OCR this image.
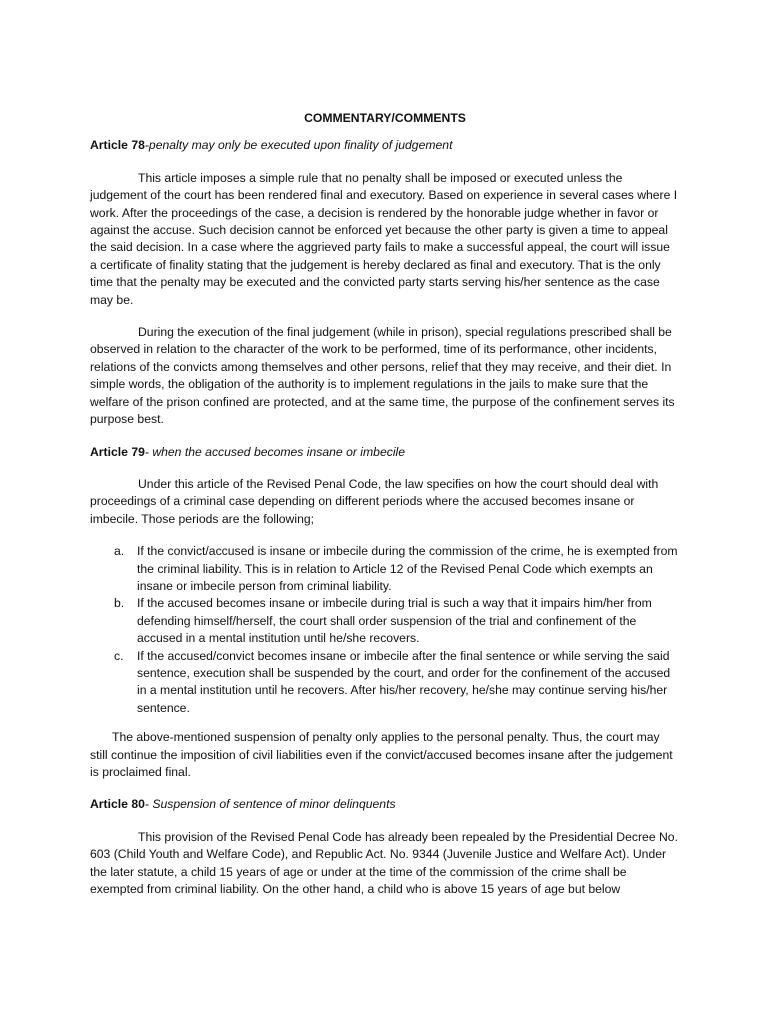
COMMENTARY/COMMENTS
Article 78-penalty may only be executed upon finality of judgement

This article imposes a simple rule that no penalty shall be imposed or executed unless the judgement of the court has been rendered final and executory. Based on experience in several cases where I work. After the proceedings of the case, a decision is rendered by the honorable judge whether in favor or against the accuse. Such decision cannot be enforced yet because the other party is given a time to appeal the said decision. In a case where the aggrieved party fails to make a successful appeal, the court will issue a certificate of finality stating that the judgement is hereby declared as final and executory. That is the only time that the penalty may be executed and the convicted party starts serving his/her sentence as the case may be.

During the execution of the final judgement (while in prison), special regulations prescribed shall be observed in relation to the character of the work to be performed, time of its performance, other incidents, relations of the convicts among themselves and other persons, relief that they may receive, and their diet. In simple words, the obligation of the authority is to implement regulations in the jails to make sure that the welfare of the prison confined are protected, and at the same time, the purpose of the confinement serves its purpose best.

Article 79- when the accused becomes insane or imbecile

Under this article of the Revised Penal Code, the law specifies on how the court should deal with proceedings of a criminal case depending on different periods where the accused becomes insane or imbecile. Those periods are the following;

a. If the convict/accused is insane or imbecile during the commission of the crime, he is exempted from the criminal liability. This is in relation to Article 12 of the Revised Penal Code which exempts an insane or imbecile person from criminal liability.
b. If the accused becomes insane or imbecile during trial is such a way that it impairs him/her from defending himself/herself, the court shall order suspension of the trial and confinement of the accused in a mental institution until he/she recovers.
c. If the accused/convict becomes insane or imbecile after the final sentence or while serving the said sentence, execution shall be suspended by the court, and order for the confinement of the accused in a mental institution until he recovers. After his/her recovery, he/she may continue serving his/her sentence.

The above-mentioned suspension of penalty only applies to the personal penalty. Thus, the court may still continue the imposition of civil liabilities even if the convict/accused becomes insane after the judgement is proclaimed final.

Article 80- Suspension of sentence of minor delinquents

This provision of the Revised Penal Code has already been repealed by the Presidential Decree No. 603 (Child Youth and Welfare Code), and Republic Act. No. 9344 (Juvenile Justice and Welfare Act). Under the later statute, a child 15 years of age or under at the time of the commission of the crime shall be exempted from criminal liability. On the other hand, a child who is above 15 years of age but below
